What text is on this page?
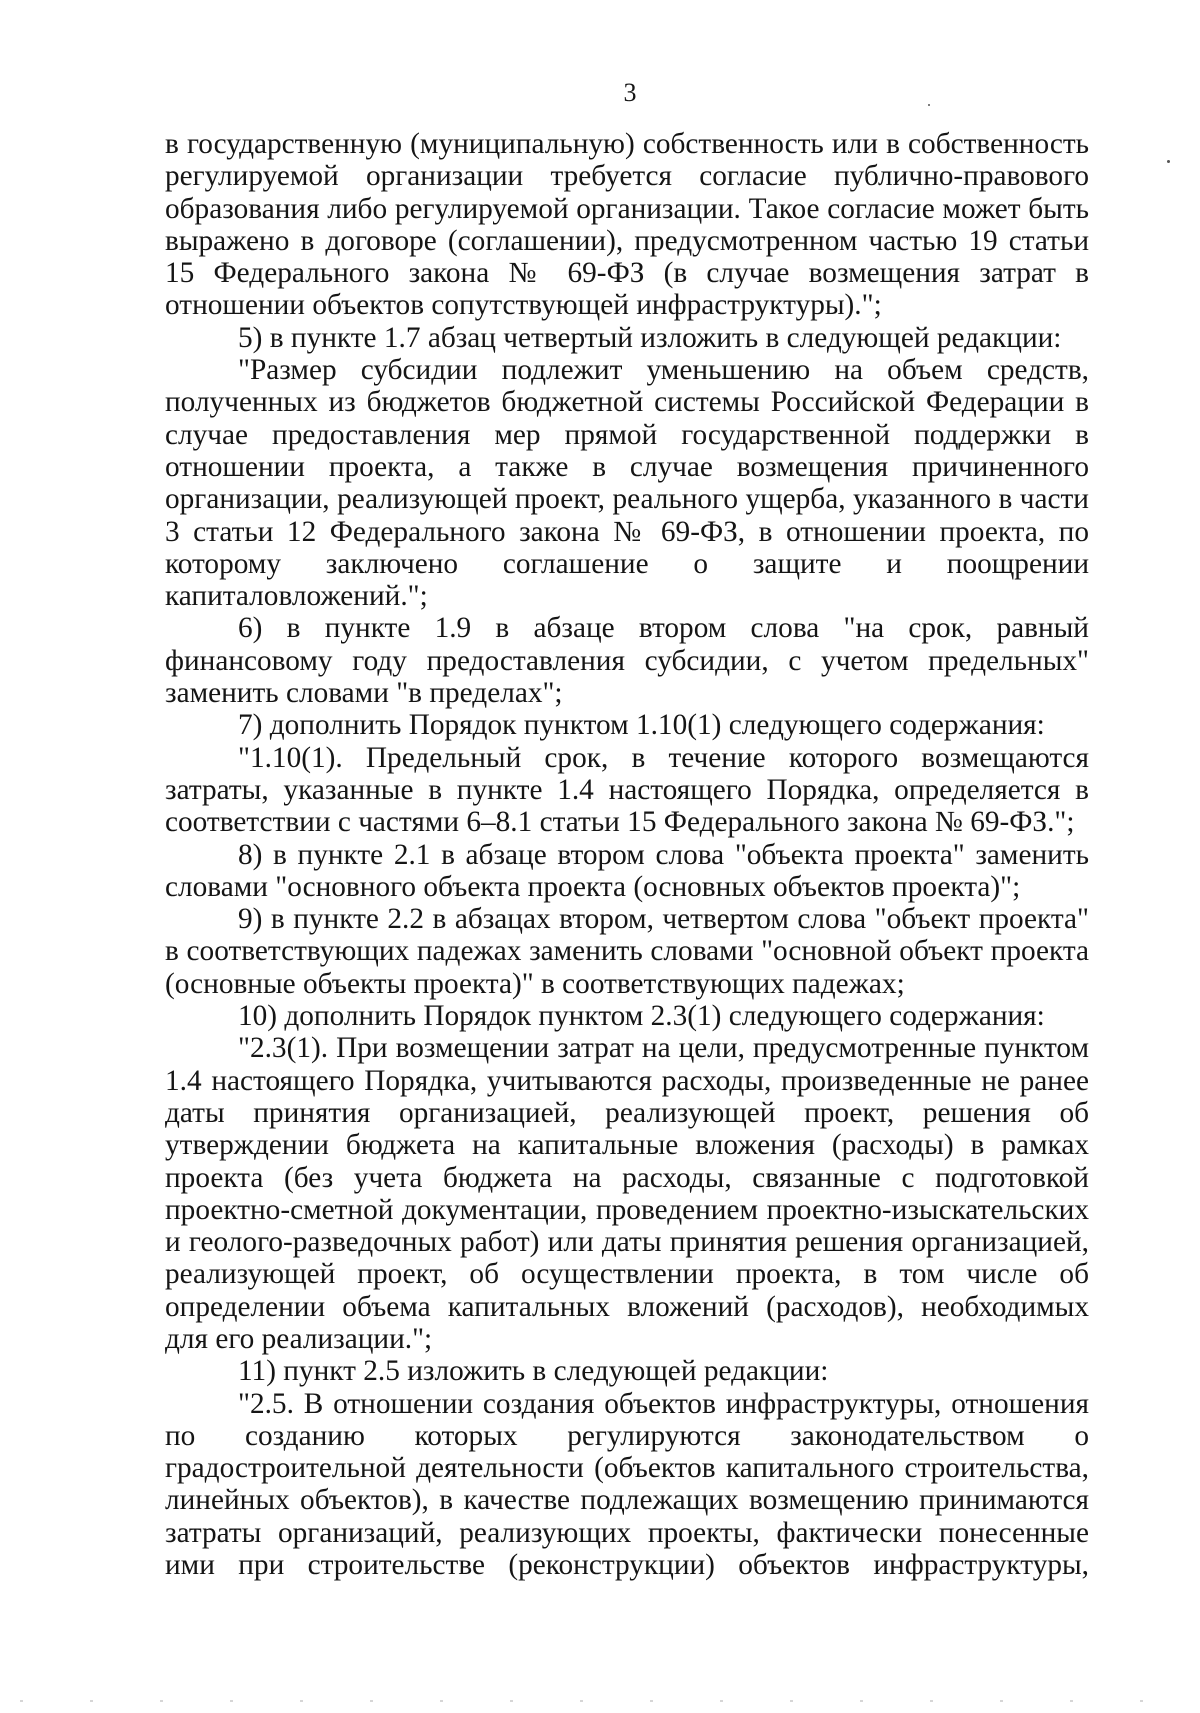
3

в государственную (муниципальную) собственность или в собственность регулируемой организации требуется согласие публично-правового образования либо регулируемой организации. Такое согласие может быть выражено в договоре (соглашении), предусмотренном частью 19 статьи 15 Федерального закона № 69-ФЗ (в случае возмещения затрат в отношении объектов сопутствующей инфраструктуры).";

5) в пункте 1.7 абзац четвертый изложить в следующей редакции:

"Размер субсидии подлежит уменьшению на объем средств, полученных из бюджетов бюджетной системы Российской Федерации в случае предоставления мер прямой государственной поддержки в отношении проекта, а также в случае возмещения причиненного организации, реализующей проект, реального ущерба, указанного в части 3 статьи 12 Федерального закона № 69-ФЗ, в отношении проекта, по которому заключено соглашение о защите и поощрении капиталовложений.";

6) в пункте 1.9 в абзаце втором слова "на срок, равный финансовому году предоставления субсидии, с учетом предельных" заменить словами "в пределах";

7) дополнить Порядок пунктом 1.10(1) следующего содержания:

"1.10(1). Предельный срок, в течение которого возмещаются затраты, указанные в пункте 1.4 настоящего Порядка, определяется в соответствии с частями 6–8.1 статьи 15 Федерального закона № 69-ФЗ.";

8) в пункте 2.1 в абзаце втором слова "объекта проекта" заменить словами "основного объекта проекта (основных объектов проекта)";

9) в пункте 2.2 в абзацах втором, четвертом слова "объект проекта" в соответствующих падежах заменить словами "основной объект проекта (основные объекты проекта)" в соответствующих падежах;

10) дополнить Порядок пунктом 2.3(1) следующего содержания:

"2.3(1). При возмещении затрат на цели, предусмотренные пунктом 1.4 настоящего Порядка, учитываются расходы, произведенные не ранее даты принятия организацией, реализующей проект, решения об утверждении бюджета на капитальные вложения (расходы) в рамках проекта (без учета бюджета на расходы, связанные с подготовкой проектно-сметной документации, проведением проектно-изыскательских и геолого-разведочных работ) или даты принятия решения организацией, реализующей проект, об осуществлении проекта, в том числе об определении объема капитальных вложений (расходов), необходимых для его реализации.";

11) пункт 2.5 изложить в следующей редакции:

"2.5. В отношении создания объектов инфраструктуры, отношения по созданию которых регулируются законодательством о градостроительной деятельности (объектов капитального строительства, линейных объектов), в качестве подлежащих возмещению принимаются затраты организаций, реализующих проекты, фактически понесенные ими при строительстве (реконструкции) объектов инфраструктуры,
